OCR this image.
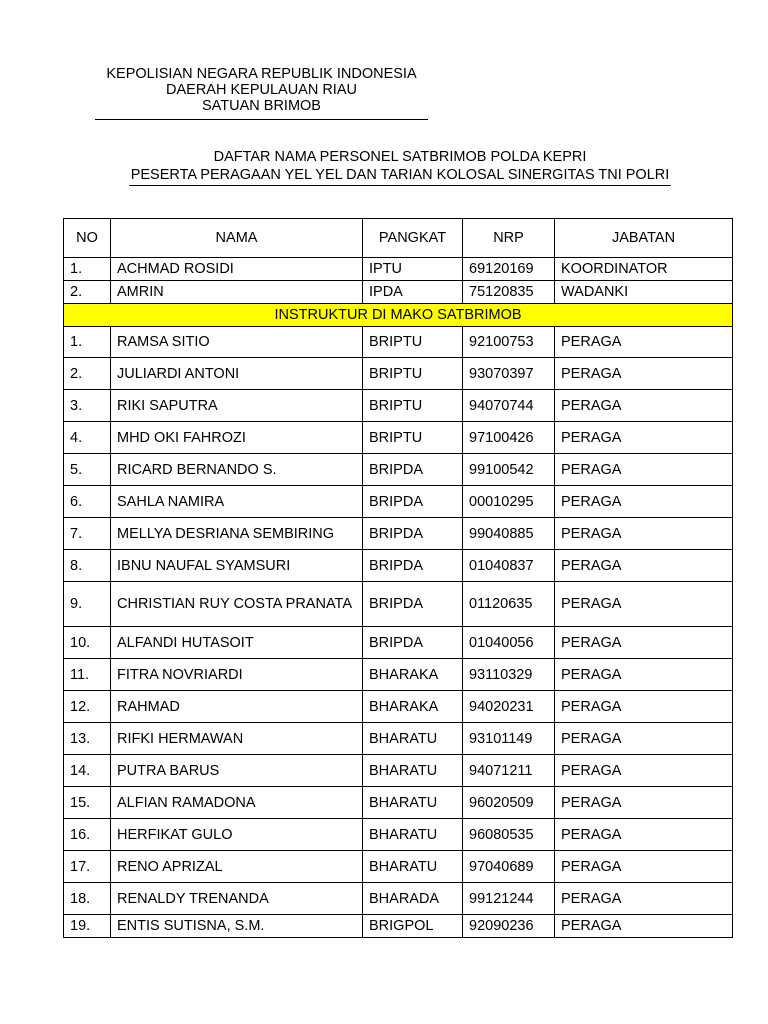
KEPOLISIAN NEGARA REPUBLIK INDONESIA
DAERAH KEPULAUAN RIAU
SATUAN BRIMOB
DAFTAR NAMA PERSONEL SATBRIMOB POLDA KEPRI
PESERTA PERAGAAN YEL YEL DAN TARIAN KOLOSAL SINERGITAS TNI POLRI
NO	NAMA	PANGKAT	NRP	JABATAN
1.	ACHMAD ROSIDI	IPTU	69120169	KOORDINATOR
2.	AMRIN	IPDA	75120835	WADANKI
INSTRUKTUR DI MAKO SATBRIMOB				
1.	RAMSA SITIO	BRIPTU	92100753	PERAGA
2.	JULIARDI ANTONI	BRIPTU	93070397	PERAGA
3.	RIKI SAPUTRA	BRIPTU	94070744	PERAGA
4.	MHD OKI FAHROZI	BRIPTU	97100426	PERAGA
5.	RICARD BERNANDO S.	BRIPDA	99100542	PERAGA
6.	SAHLA NAMIRA	BRIPDA	00010295	PERAGA
7.	MELLYA DESRIANA SEMBIRING	BRIPDA	99040885	PERAGA
8.	IBNU NAUFAL SYAMSURI	BRIPDA	01040837	PERAGA
9.	CHRISTIAN RUY COSTA PRANATA	BRIPDA	01120635	PERAGA
10.	ALFANDI HUTASOIT	BRIPDA	01040056	PERAGA
11.	FITRA NOVRIARDI	BHARAKA	93110329	PERAGA
12.	RAHMAD	BHARAKA	94020231	PERAGA
13.	RIFKI HERMAWAN	BHARATU	93101149	PERAGA
14.	PUTRA BARUS	BHARATU	94071211	PERAGA
15.	ALFIAN RAMADONA	BHARATU	96020509	PERAGA
16.	HERFIKAT GULO	BHARATU	96080535	PERAGA
17.	RENO APRIZAL	BHARATU	97040689	PERAGA
18.	RENALDY TRENANDA	BHARADA	99121244	PERAGA
19.	ENTIS SUTISNA, S.M.	BRIGPOL	92090236	PERAGA
